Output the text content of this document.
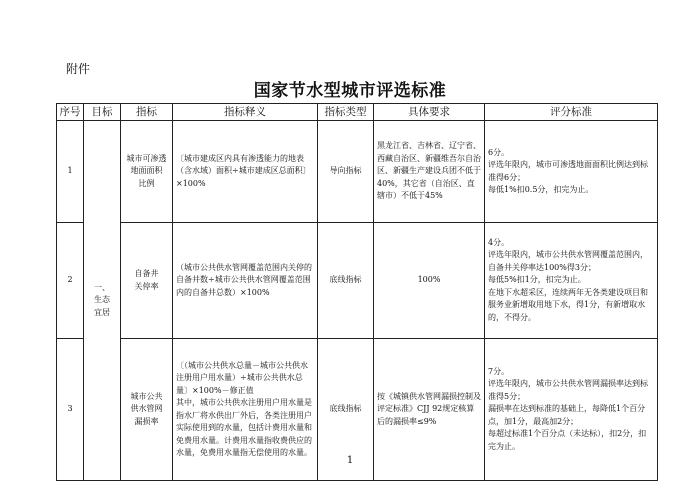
附件
国家节水型城市评选标准
序号	目标	指标	指标释义	指标类型	具体要求	评分标准
1	一、
生态
宜居	城市可渗透
地面面积
比例	〔城市建成区内具有渗透能力的地表（含水域）面积÷城市建成区总面积〕×100%	导向指标	黑龙江省、吉林省、辽宁省、西藏自治区、新疆维吾尔自治区、新疆生产建设兵团不低于40%，其它省（自治区、直辖市）不低于45%	6分。
评选年限内，城市可渗透地面面积比例达到标准得6分；
每低1%扣0.5分，扣完为止。
2		自备井
关停率	（城市公共供水管网覆盖范围内关停的自备井数÷城市公共供水管网覆盖范围内的自备井总数）×100%	底线指标	100%	4分。
评选年限内，城市公共供水管网覆盖范围内，自备井关停率达100%得3分；
每低5%扣1分，扣完为止。
在地下水超采区，连续两年无各类建设项目和服务业新增取用地下水，得1分，有新增取水的，不得分。
3		城市公共
供水管网
漏损率	〔（城市公共供水总量－城市公共供水注册用户用水量）÷城市公共供水总量〕×100%－修正值
其中，城市公共供水注册用户用水量是指水厂将水供出厂外后，各类注册用户实际使用到的水量，包括计费用水量和免费用水量。计费用水量指收费供应的水量，免费用水量指无偿使用的水量。	底线指标	按《城镇供水管网漏损控制及评定标准》CJJ 92规定核算后的漏损率≤9%	7分。
评选年限内，城市公共供水管网漏损率达到标准得5分；
漏损率在达到标准的基础上，每降低1个百分点，加1分，最高加2分；
每超过标准1个百分点（未达标），扣2分，扣完为止。
1
